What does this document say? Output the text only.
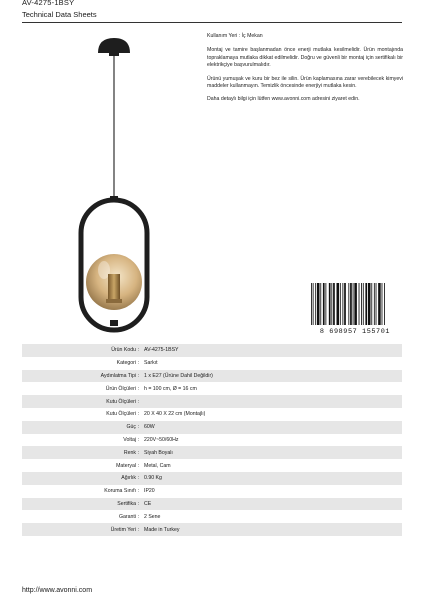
AV-4275-1BSY
Technical Data Sheets

Kullanım Yeri : İç Mekan

Montaj ve tamire başlanmadan önce enerji mutlaka kesilmelidir. Ürün montajında topraklamaya mutlaka dikkat edilmelidir. Doğru ve güvenli bir montaj için sertifikalı bir elektrikçiye başvurulmalıdır.

Ürünü yumuşak ve kuru bir bez ile silin. Ürün kaplamasına zarar verebilecek kimyevi maddeler kullanmayın. Temizlik öncesinde enerjiyi mutlaka kesin.

Daha detaylı bilgi için lütfen www.avonni.com adresini ziyaret edin.

8 698957 155701
Ürün Kodu	:	AV-4275-1BSY
Kategori	:	Sarkıt
Aydınlatma Tipi	:	1 x E27 (Ürüne Dahil Değildir)
Ürün Ölçüleri	:	h = 100 cm, Ø = 16 cm
Kutu Ölçüleri	:	
Kutu Ölçüleri	:	20 X 40 X 22 cm (Montajlı)
Güç	:	60W
Voltaj	:	220V~50/60Hz
Renk	:	Siyah Boyalı
Materyal	:	Metal, Cam
Ağırlık	:	0.90 Kg
Koruma Sınıfı	:	IP20
Sertifika	:	CE
Garanti	:	2 Sene
Üretim Yeri	:	Made in Turkey
http://www.avonni.com
